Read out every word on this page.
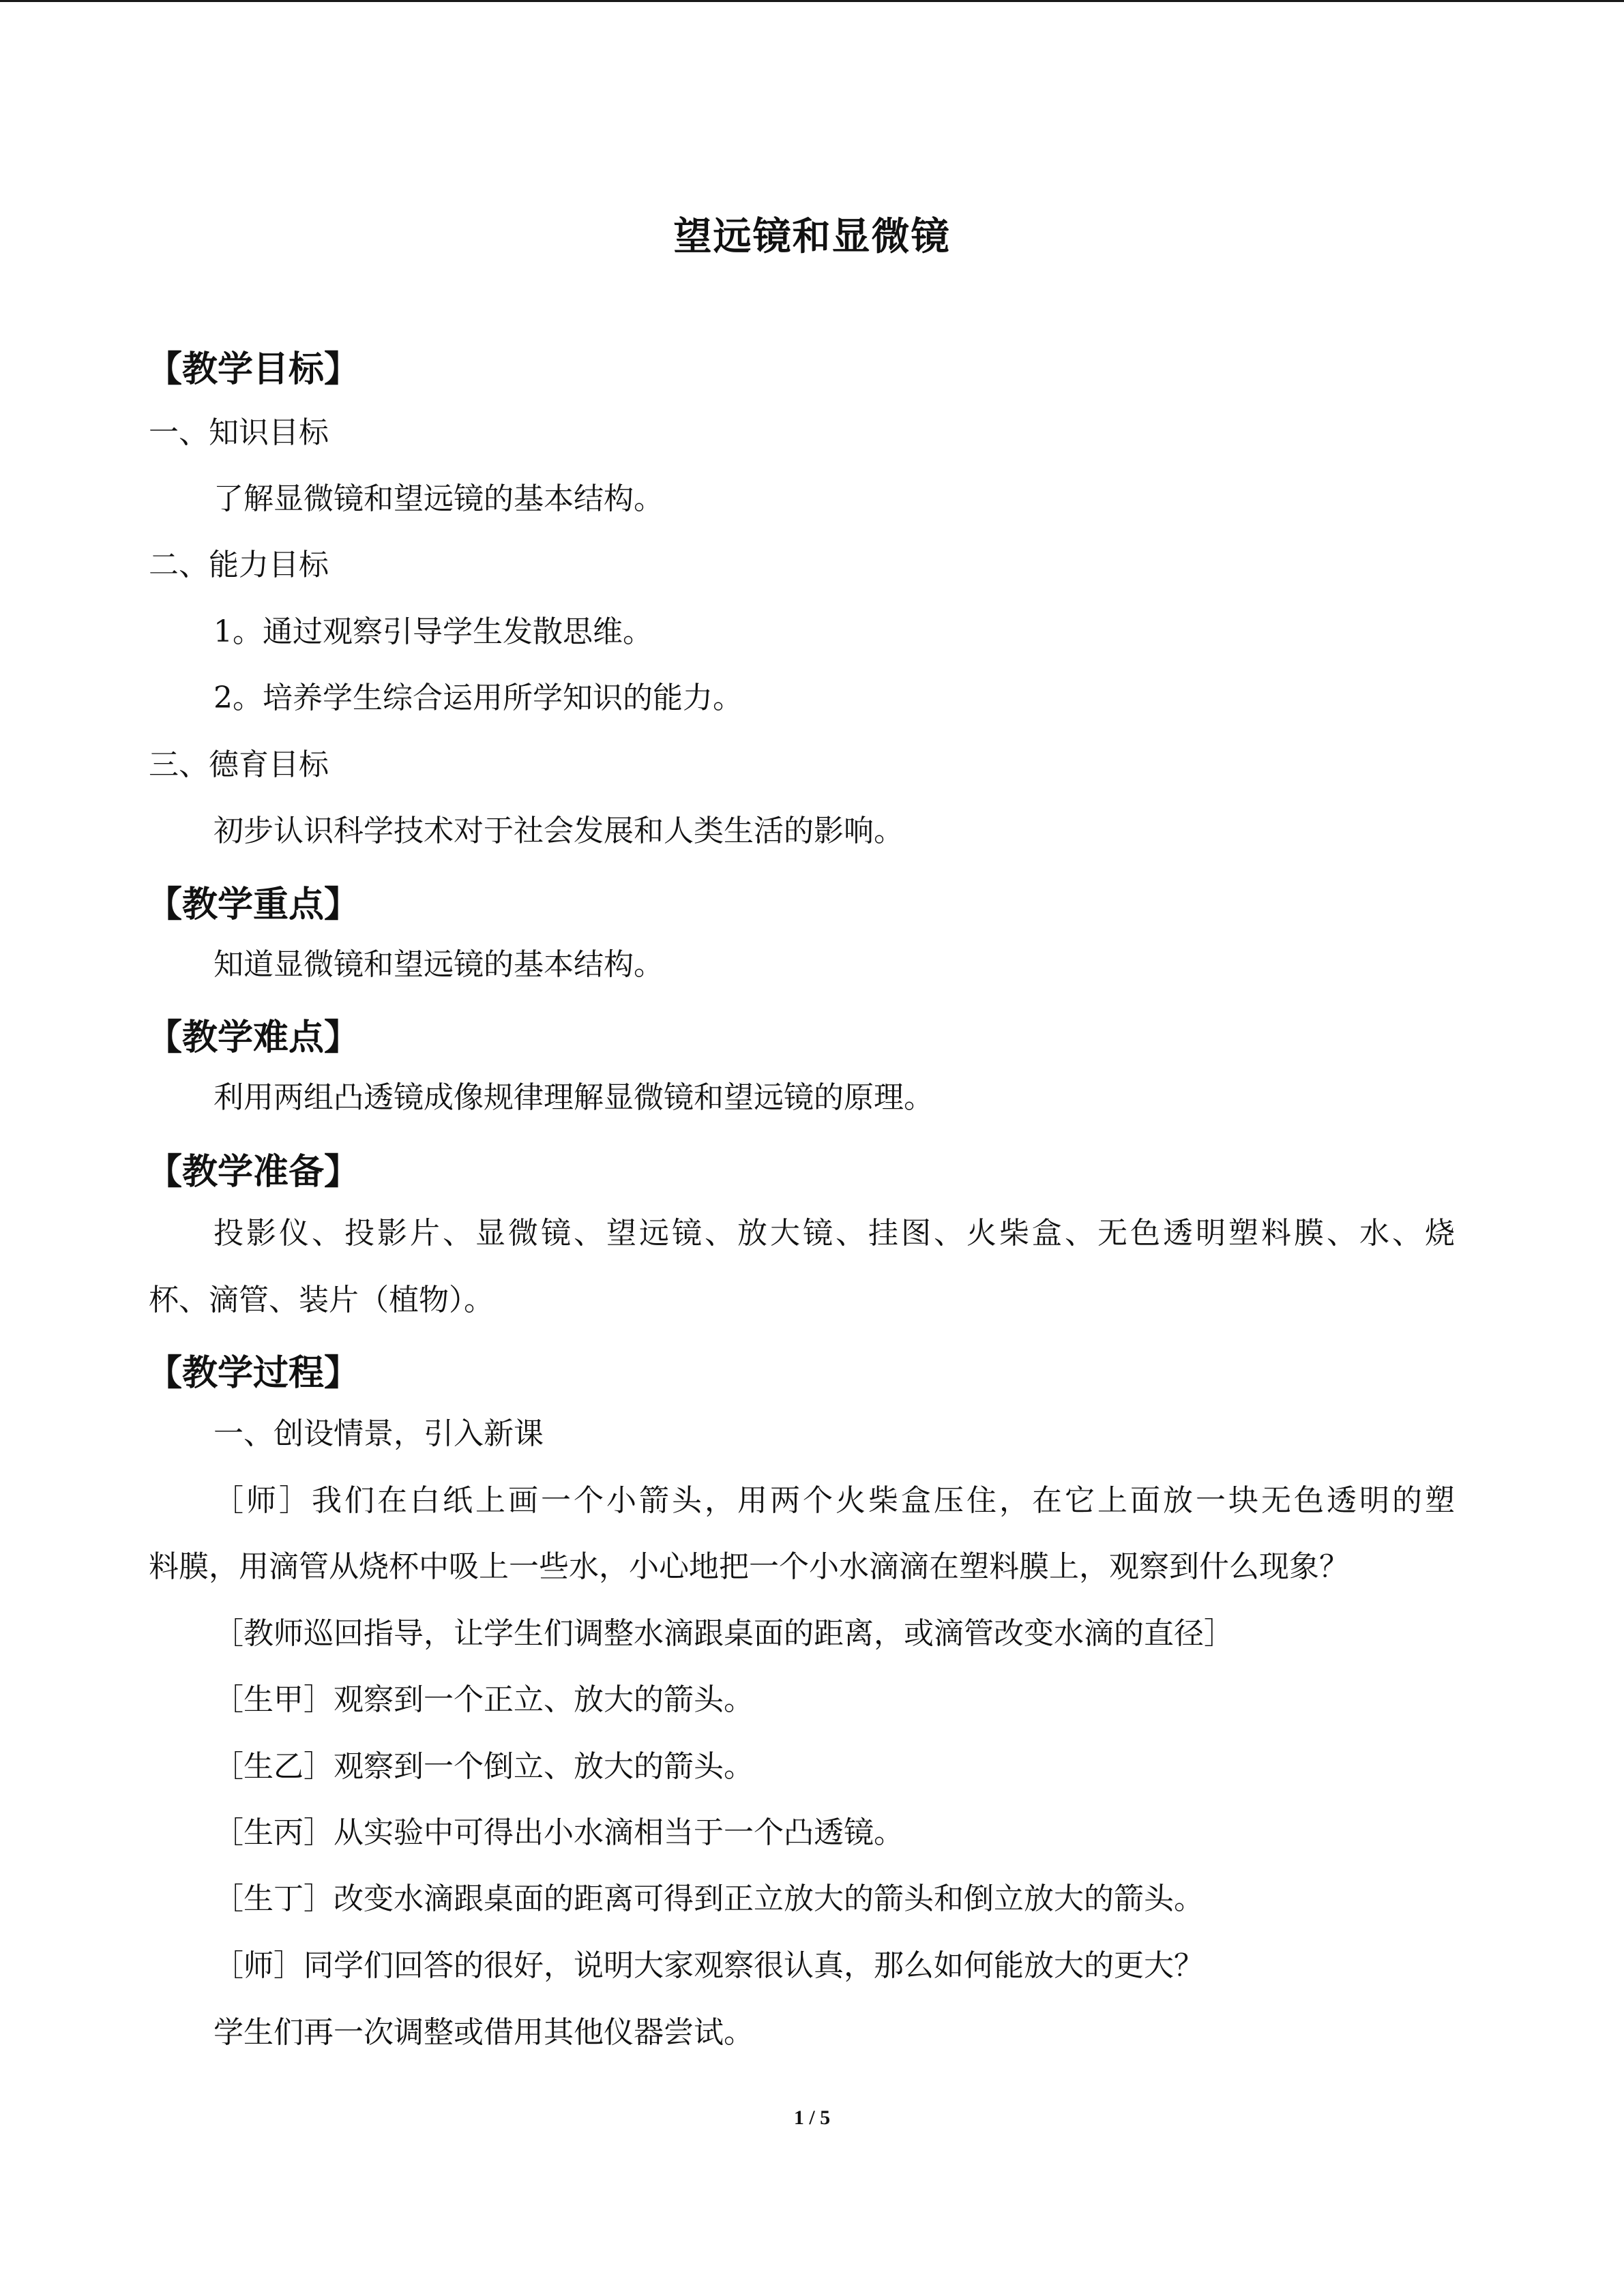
望远镜和显微镜
【教学目标】
一、知识目标
了解显微镜和望远镜的基本结构。
二、能力目标
1。通过观察引导学生发散思维。
2。培养学生综合运用所学知识的能力。
三、德育目标
初步认识科学技术对于社会发展和人类生活的影响。
【教学重点】
知道显微镜和望远镜的基本结构。
【教学难点】
利用两组凸透镜成像规律理解显微镜和望远镜的原理。
【教学准备】
投影仪、投影片、显微镜、望远镜、放大镜、挂图、火柴盒、无色透明塑料膜、水、烧
杯、滴管、装片（植物）。
【教学过程】
一、创设情景，引入新课
［师］我们在白纸上画一个小箭头，用两个火柴盒压住，在它上面放一块无色透明的塑
料膜，用滴管从烧杯中吸上一些水，小心地把一个小水滴滴在塑料膜上，观察到什么现象？
［教师巡回指导，让学生们调整水滴跟桌面的距离，或滴管改变水滴的直径］
［生甲］观察到一个正立、放大的箭头。
［生乙］观察到一个倒立、放大的箭头。
［生丙］从实验中可得出小水滴相当于一个凸透镜。
［生丁］改变水滴跟桌面的距离可得到正立放大的箭头和倒立放大的箭头。
［师］同学们回答的很好，说明大家观察很认真，那么如何能放大的更大？
学生们再一次调整或借用其他仪器尝试。
1 / 5
